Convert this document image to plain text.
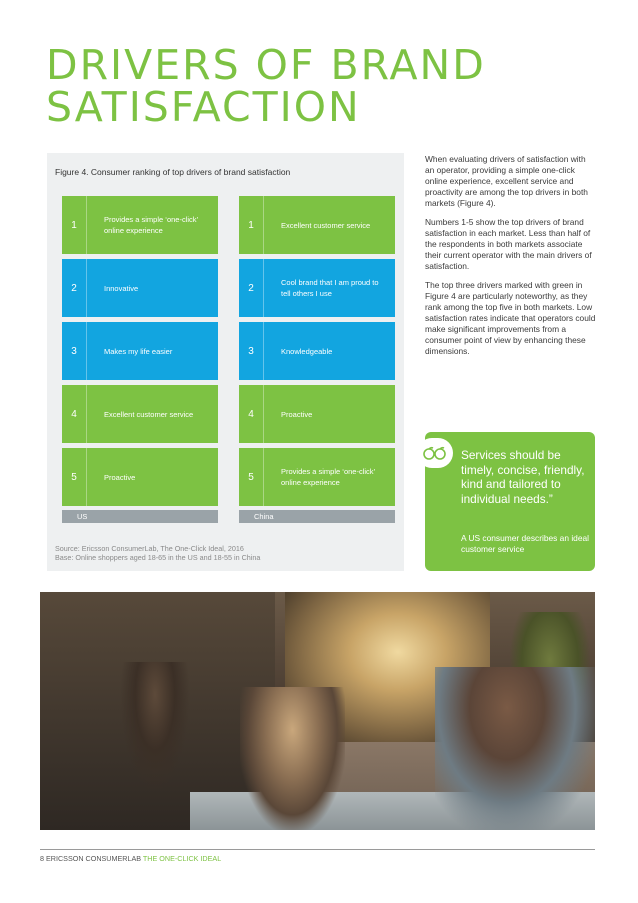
DRIVERS OF BRAND
SATISFACTION
Figure 4. Consumer ranking of top drivers of brand satisfaction
1	Provides a simple ‘one-click’ online experience
2	Innovative
3	Makes my life easier
4	Excellent customer service
5	Proactive
US
1	Excellent customer service
2	Cool brand that I am proud to tell others I use
3	Knowledgeable
4	Proactive
5	Provides a simple ‘one-click’ online experience
China
Source: Ericsson ConsumerLab, The One-Click Ideal, 2016
Base: Online shoppers aged 18-65 in the US and 18-55 in China

When evaluating drivers of satisfaction with an operator, providing a simple one-click online experience, excellent service and proactivity are among the top drivers in both markets (Figure 4).

Numbers 1-5 show the top drivers of brand satisfaction in each market. Less than half of the respondents in both markets associate their current operator with the main drivers of satisfaction.

The top three drivers marked with green in Figure 4 are particularly noteworthy, as they rank among the top five in both markets. Low satisfaction rates indicate that operators could make significant improvements from a consumer point of view by enhancing these dimensions.

Services should be timely, concise, friendly, kind and tailored to individual needs.”
A US consumer describes an ideal customer service
8 ERICSSON CONSUMERLAB THE ONE-CLICK IDEAL
